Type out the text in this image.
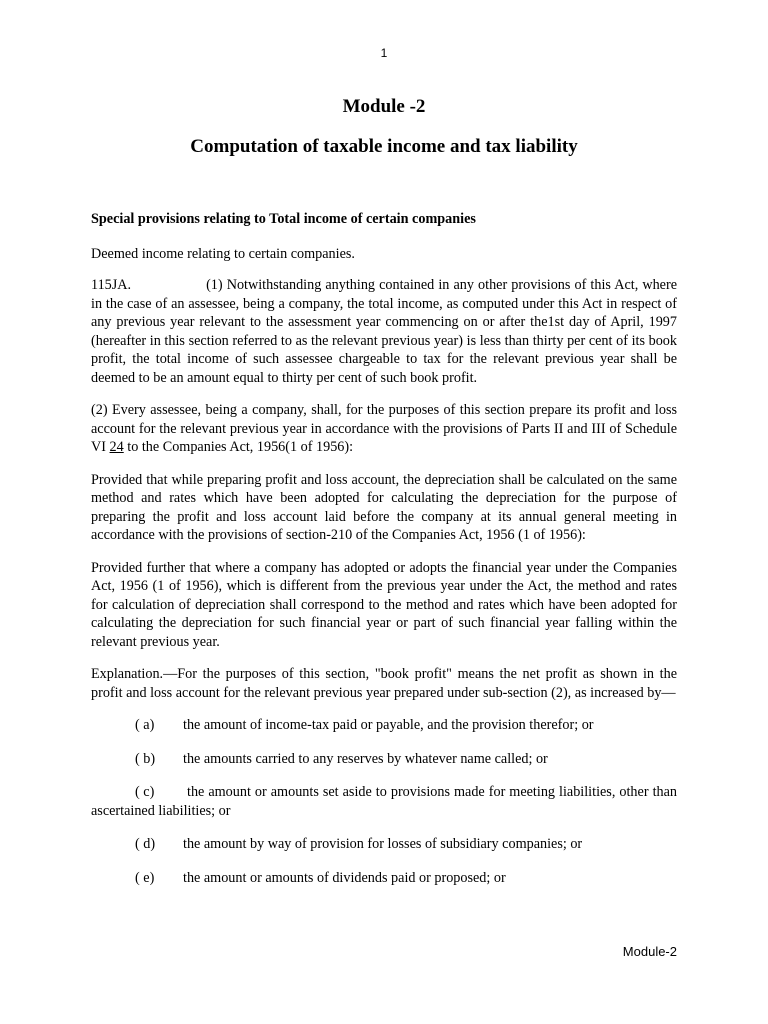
1
Module -2
Computation of taxable income and tax liability

Special provisions relating to Total income of certain companies

Deemed income relating to certain companies.

115JA.	(1) Notwithstanding anything contained in any other provisions of this Act, where in the case of an assessee, being a company, the total income, as computed under this Act in respect of any previous year relevant to the assessment year commencing on or after the1st day of April, 1997 (hereafter in this section referred to as the relevant previous year) is less than thirty per cent of its book profit, the total income of such assessee chargeable to tax for the relevant previous year shall be deemed to be an amount equal to thirty per cent of such book profit.

(2) Every assessee, being a company, shall, for the purposes of this section prepare its profit and loss account for the relevant previous year in accordance with the provisions of Parts II and III of Schedule VI 24 to the Companies Act, 1956(1 of 1956):

Provided that while preparing profit and loss account, the depreciation shall be calculated on the same method and rates which have been adopted for calculating the depreciation for the purpose of preparing the profit and loss account laid before the company at its annual general meeting in accordance with the provisions of section-210 of the Companies Act, 1956 (1 of 1956):

Provided further that where a company has adopted or adopts the financial year under the Companies Act, 1956 (1 of 1956), which is different from the previous year under the Act, the method and rates for calculation of depreciation shall correspond to the method and rates which have been adopted for calculating the depreciation for such financial year or part of such financial year falling within the relevant previous year.

Explanation.—For the purposes of this section, "book profit" means the net profit as shown in the profit and loss account for the relevant previous year prepared under sub-section (2), as increased by—

( a) the amount of income-tax paid or payable, and the provision therefor; or

( b) the amounts carried to any reserves by whatever name called; or

( c) the amount or amounts set aside to provisions made for meeting liabilities, other than ascertained liabilities; or

( d) the amount by way of provision for losses of subsidiary companies; or

( e) the amount or amounts of dividends paid or proposed; or

Module-2
